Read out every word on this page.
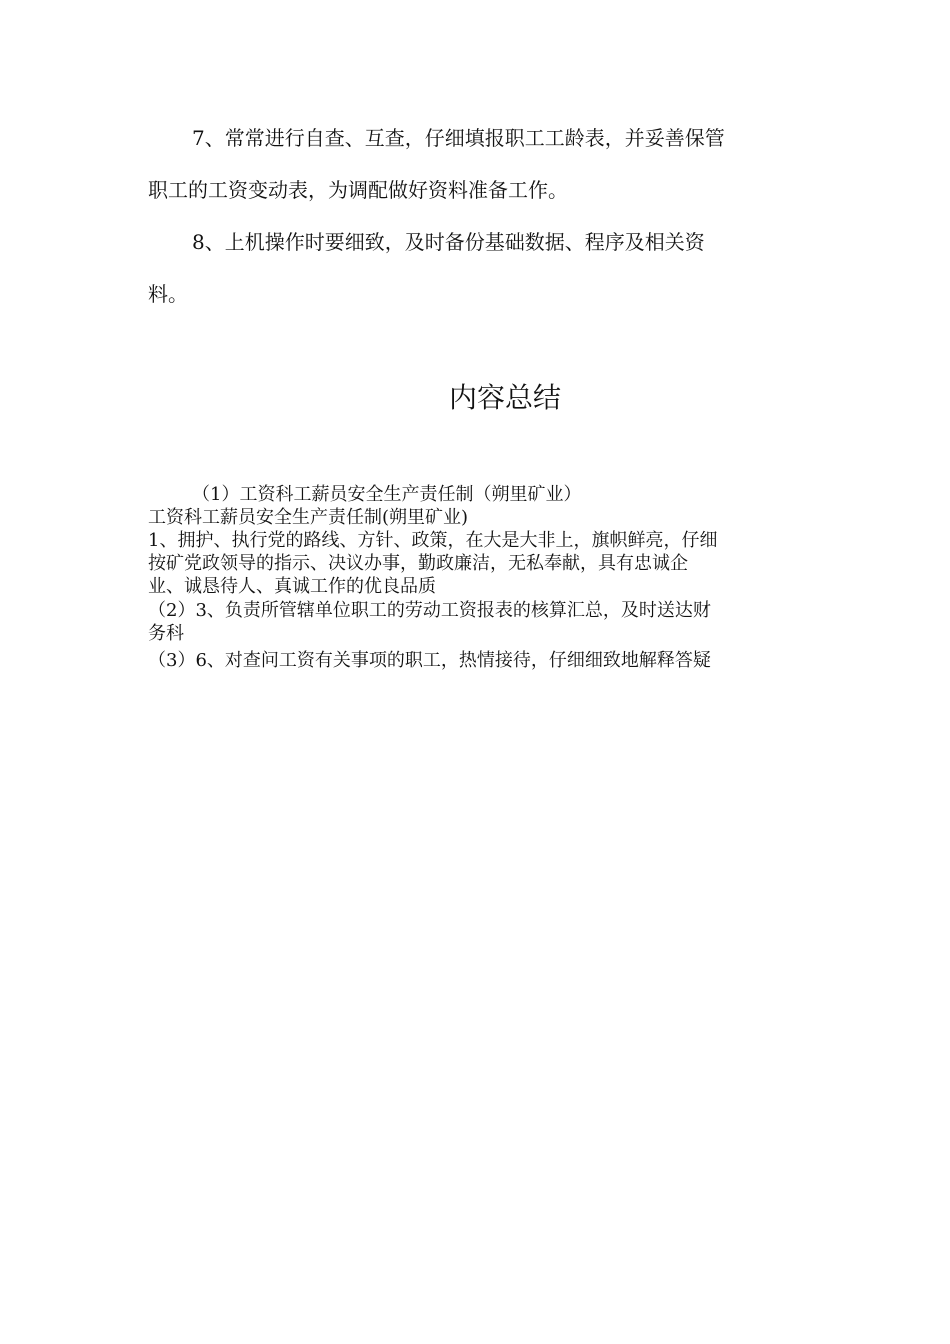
7、常常进行自查、互查，仔细填报职工工龄表，并妥善保管
职工的工资变动表，为调配做好资料准备工作。
8、上机操作时要细致，及时备份基础数据、程序及相关资
料。
内容总结
（1）工资科工薪员安全生产责任制（朔里矿业）
工资科工薪员安全生产责任制(朔里矿业)
1、拥护、执行党的路线、方针、政策，在大是大非上，旗帜鲜亮，仔细
按矿党政领导的指示、决议办事，勤政廉洁，无私奉献，具有忠诚企
业、诚恳待人、真诚工作的优良品质
（2）3、负责所管辖单位职工的劳动工资报表的核算汇总，及时送达财
务科
（3）6、对查问工资有关事项的职工，热情接待，仔细细致地解释答疑
